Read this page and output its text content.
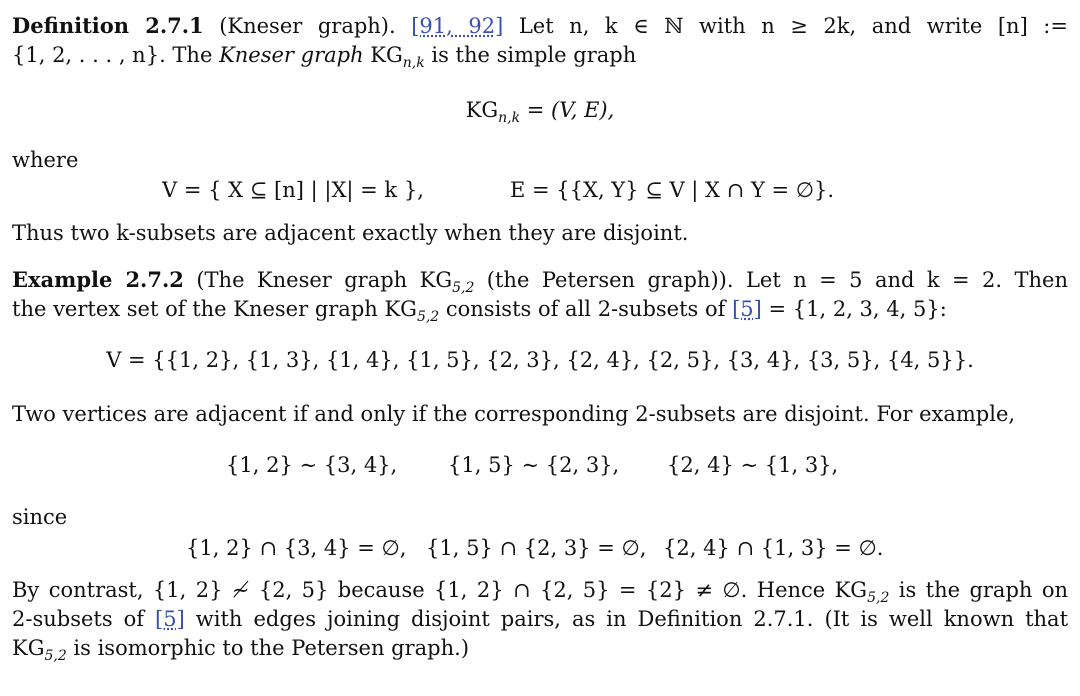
Definition 2.7.1 (Kneser graph). [91, 92] Let n, k ∈ ℕ with n ≥ 2k, and write [n] :=
{1, 2, . . . , n}. The Kneser graph $KG_{n,k}$ is the simple graph
$KG_{n,k} = (V$, E),
where
V = { X ⊆ [n] | |X| = k },	E = {{X, Y} ⊆ V | X ∩ Y = ∅}.
Thus two k-subsets are adjacent exactly when they are disjoint.
Example 2.7.2 (The Kneser graph $KG_{5,2}$ (the Petersen graph)). Let n = 5 and k = 2. Then
the vertex set of the Kneser graph $KG_{5,2}$ consists of all 2-subsets of [5] = {1, 2, 3, 4, 5}:
V = {{1, 2}, {1, 3}, {1, 4}, {1, 5}, {2, 3}, {2, 4}, {2, 5}, {3, 4}, {3, 5}, {4, 5}}.
Two vertices are adjacent if and only if the corresponding 2-subsets are disjoint. For example,
{1, 2} ∼ {3, 4},	{1, 5} ∼ {2, 3},	{2, 4} ∼ {1, 3},
since
{1, 2} ∩ {3, 4} = ∅, {1, 5} ∩ {2, 3} = ∅, {2, 4} ∩ {1, 3} = ∅.
By contrast, {1, 2} ≁ {2, 5} because {1, 2} ∩ {2, 5} = {2} ≠ ∅. Hence $KG_{5,2}$ is the graph on
2-subsets of [5] with edges joining disjoint pairs, as in Definition 2.7.1. (It is well known that
$KG_{5,2}$ is isomorphic to the Petersen graph.)
